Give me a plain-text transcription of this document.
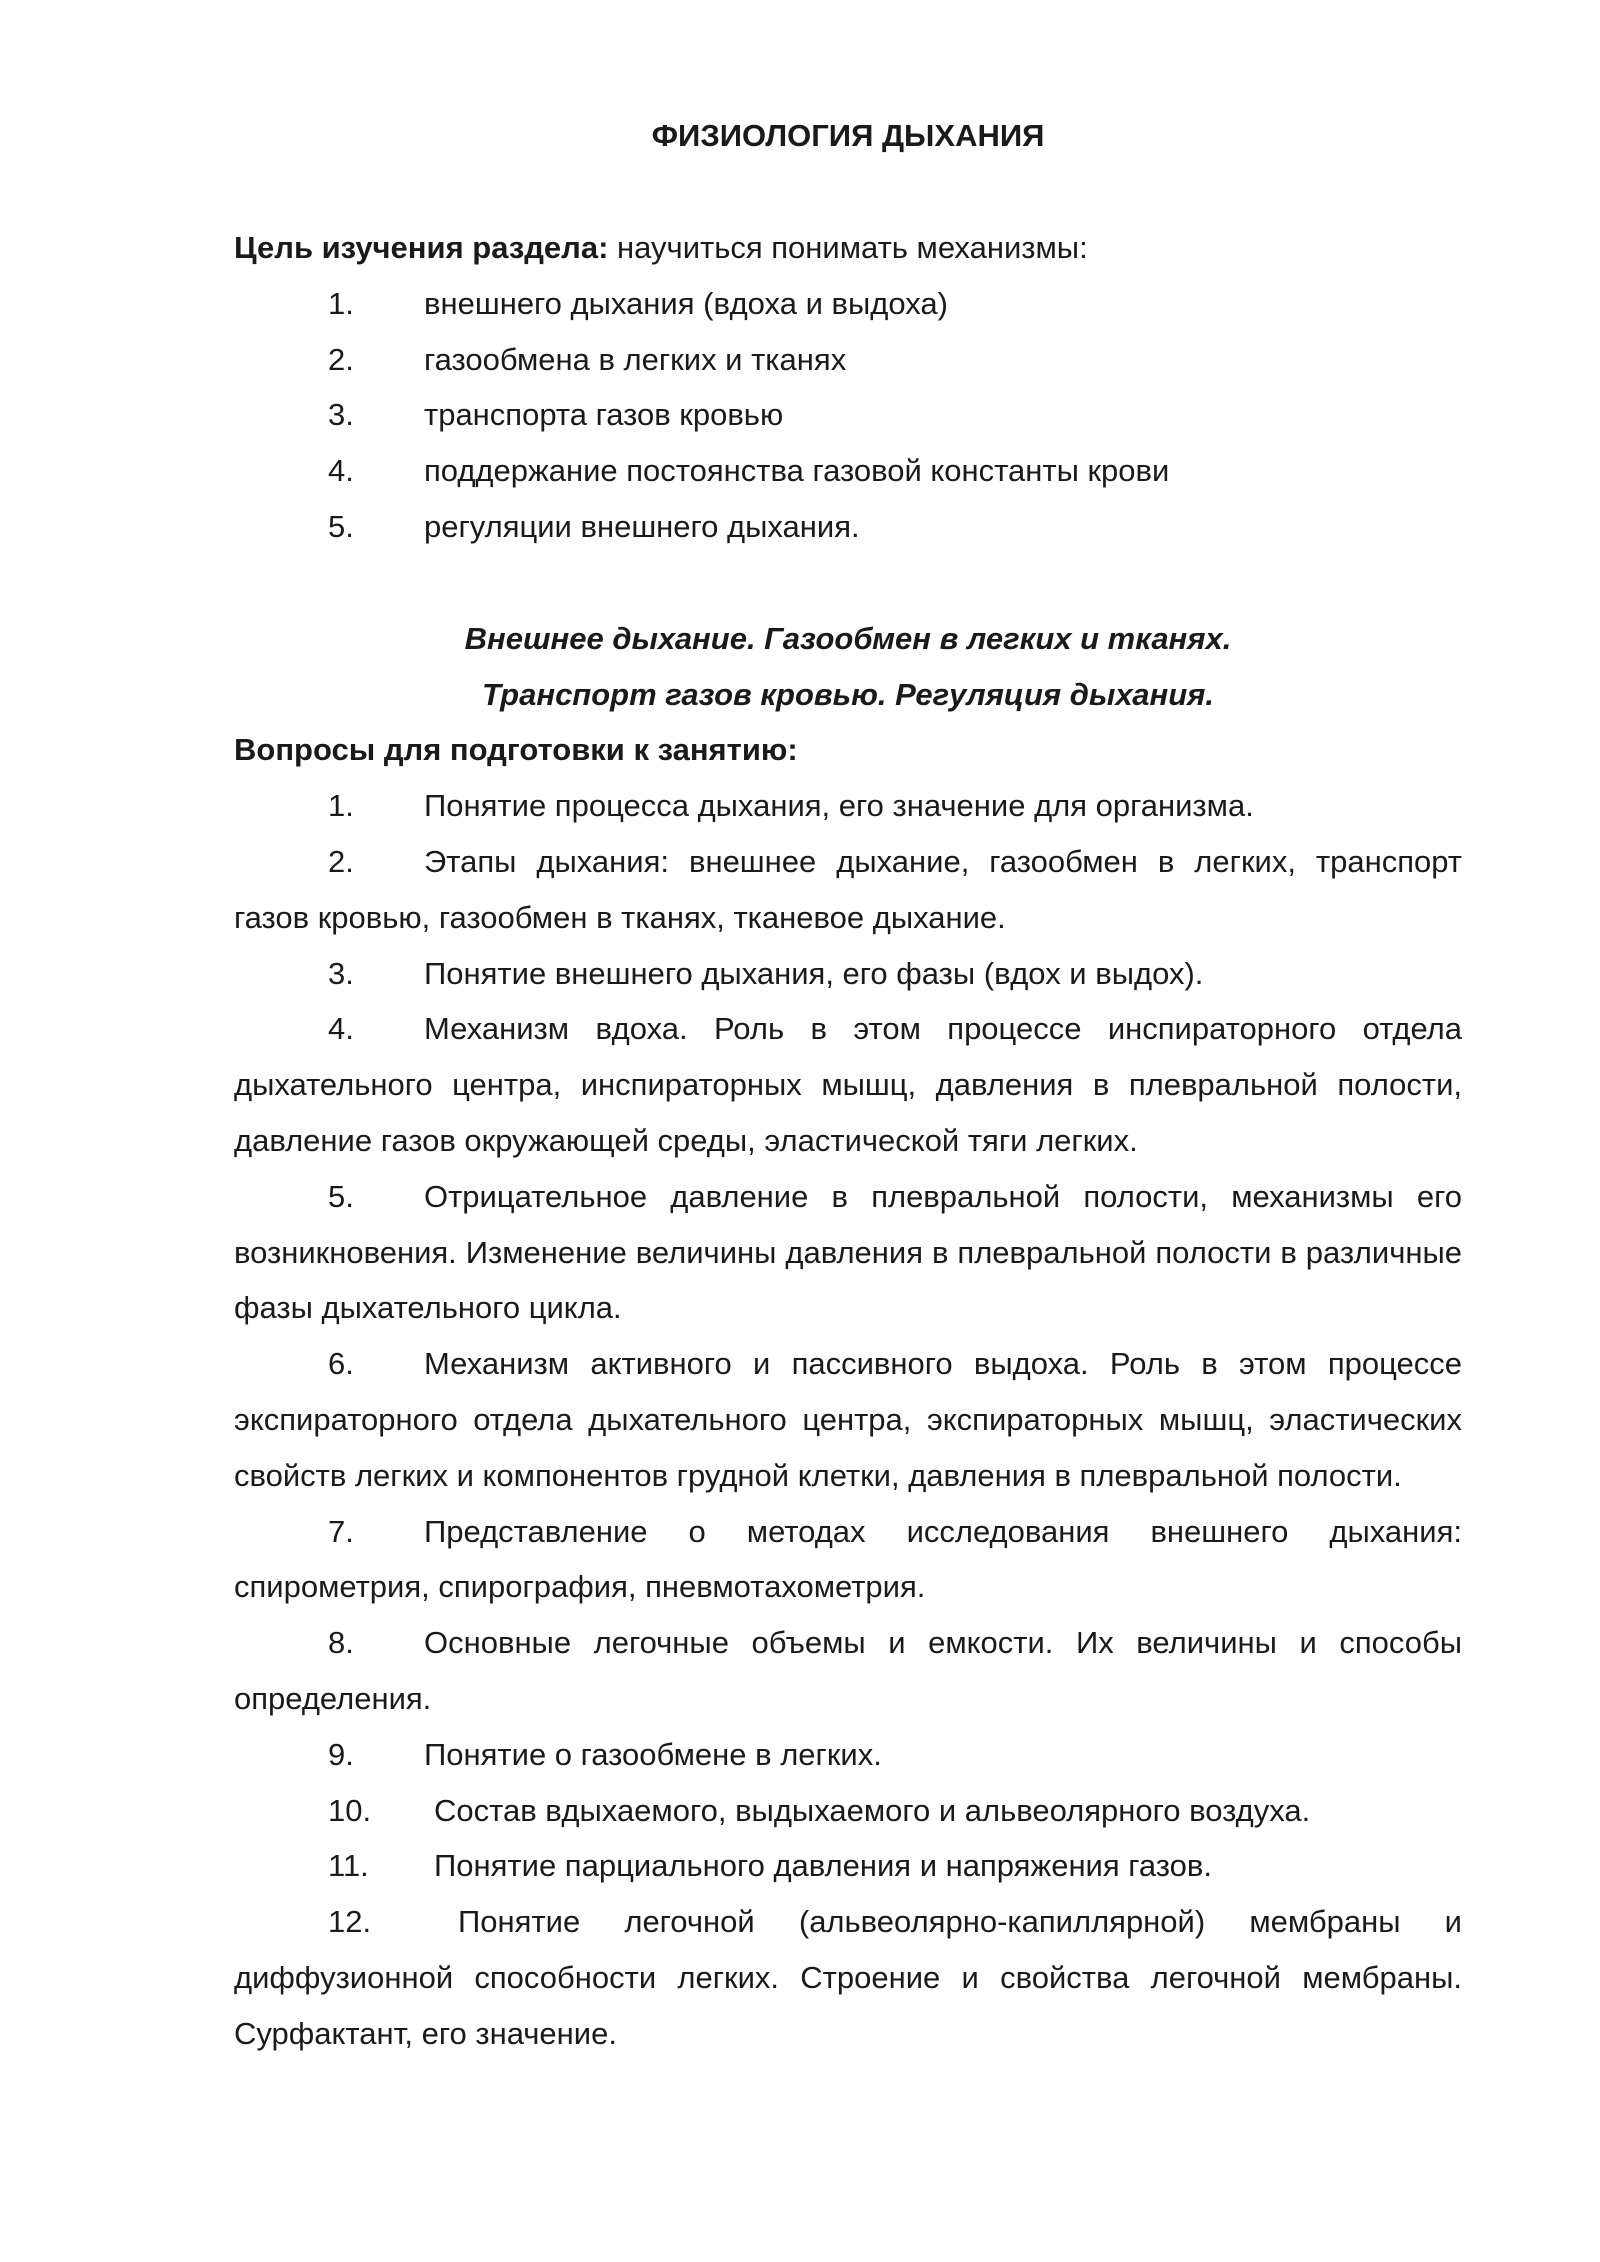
ФИЗИОЛОГИЯ ДЫХАНИЯ

Цель изучения раздела: научиться понимать механизмы:

1. внешнего дыхания (вдоха и выдоха)
2. газообмена в легких и тканях
3. транспорта газов кровью
4. поддержание постоянства газовой константы крови
5. регуляции внешнего дыхания.

Внешнее дыхание. Газообмен в легких и тканях.

Транспорт газов кровью. Регуляция дыхания.

Вопросы для подготовки к занятию:

1. Понятие процесса дыхания, его значение для организма.
2. Этапы дыхания: внешнее дыхание, газообмен в легких, транспорт газов кровью, газообмен в тканях, тканевое дыхание.
3. Понятие внешнего дыхания, его фазы (вдох и выдох).
4. Механизм вдоха. Роль в этом процессе инспираторного отдела дыхательного центра, инспираторных мышц, давления в плевральной полости, давление газов окружающей среды, эластической тяги легких.
5. Отрицательное давление в плевральной полости, механизмы его возникновения. Изменение величины давления в плевральной полости в различные фазы дыхательного цикла.
6. Механизм активного и пассивного выдоха. Роль в этом процессе экспираторного отдела дыхательного центра, экспираторных мышц, эластических свойств легких и компонентов грудной клетки, давления в плевральной полости.
7. Представление о методах исследования внешнего дыхания: спирометрия, спирография, пневмотахометрия.
8. Основные легочные объемы и емкости. Их величины и способы определения.
9. Понятие о газообмене в легких.
10. Состав вдыхаемого, выдыхаемого и альвеолярного воздуха.
11. Понятие парциального давления и напряжения газов.
12.	Понятие легочной (альвеолярно-капиллярной) мембраны и диффузионной способности легких. Строение и свойства легочной мембраны. Сурфактант, его значение.
